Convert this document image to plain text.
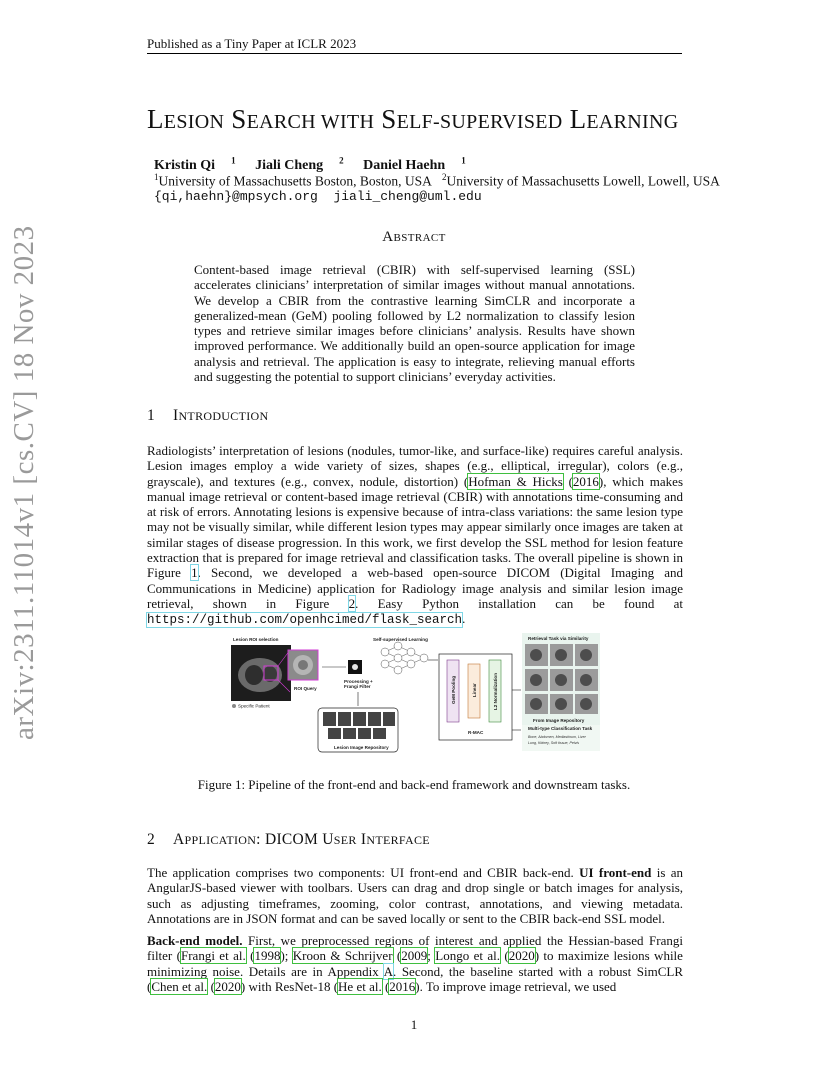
Published as a Tiny Paper at ICLR 2023
arXiv:2311.11014v1 [cs.CV] 18 Nov 2023
LESION SEARCH WITH SELF-SUPERVISED LEARNING
Kristin Qi $^1$ Jiali Cheng $^2$ Daniel Haehn $^1$
$^1$University of Massachusetts Boston, Boston, USA $^2$University of Massachusetts Lowell, Lowell, USA
{qi,haehn}@mpsych.org jiali_cheng@uml.edu
ABSTRACT
Content-based image retrieval (CBIR) with self-supervised learning (SSL) accelerates clinicians’ interpretation of similar images without manual annotations. We develop a CBIR from the contrastive learning SimCLR and incorporate a generalized-mean (GeM) pooling followed by L2 normalization to classify lesion types and retrieve similar images before clinicians’ analysis. Results have shown improved performance. We additionally build an open-source application for image analysis and retrieval. The application is easy to integrate, relieving manual efforts and suggesting the potential to support clinicians’ everyday activities.
1 INTRODUCTION
Radiologists’ interpretation of lesions (nodules, tumor-like, and surface-like) requires careful analysis. Lesion images employ a wide variety of sizes, shapes (e.g., elliptical, irregular), colors (e.g., grayscale), and textures (e.g., convex, nodule, distortion) (Hofman & Hicks (2016), which makes manual image retrieval or content-based image retrieval (CBIR) with annotations time-consuming and at risk of errors. Annotating lesions is expensive because of intra-class variations: the same lesion type may not be visually similar, while different lesion types may appear similarly once images are taken at similar stages of disease progression. In this work, we first develop the SSL method for lesion feature extraction that is prepared for image retrieval and classification tasks. The overall pipeline is shown in Figure 1. Second, we developed a web-based open-source DICOM (Digital Imaging and Communications in Medicine) application for Radiology image analysis and similar lesion image retrieval, shown in Figure 2. Easy Python installation can be found at https://github.com/openhcimed/flask_search.
Lesion ROI selection
ROI Query
Specific Patient
Self-supervised Learning
Processing +
Frangi Filter
Lesion Image Repository
GeM Pooling	Linear	L2 Normalization
R-MAC
Retrieval Task via Similarity
From Image Repository
Multi-type Classification Task
Bone, Abdomen, Mediastinum, Liver
Lung, Kidney, Soft tissue, Pelvis
Figure 1: Pipeline of the front-end and back-end framework and downstream tasks.
2 APPLICATION: DICOM USER INTERFACE
The application comprises two components: UI front-end and CBIR back-end. UI front-end is an AngularJS-based viewer with toolbars. Users can drag and drop single or batch images for analysis, such as adjusting timeframes, zooming, color contrast, annotations, and viewing metadata. Annotations are in JSON format and can be saved locally or sent to the CBIR back-end SSL model.
Back-end model. First, we preprocessed regions of interest and applied the Hessian-based Frangi filter (Frangi et al. (1998); Kroon & Schrijver (2009; Longo et al. (2020) to maximize lesions while minimizing noise. Details are in Appendix A. Second, the baseline started with a robust SimCLR (Chen et al. (2020) with ResNet-18 (He et al. (2016). To improve image retrieval, we used
1
